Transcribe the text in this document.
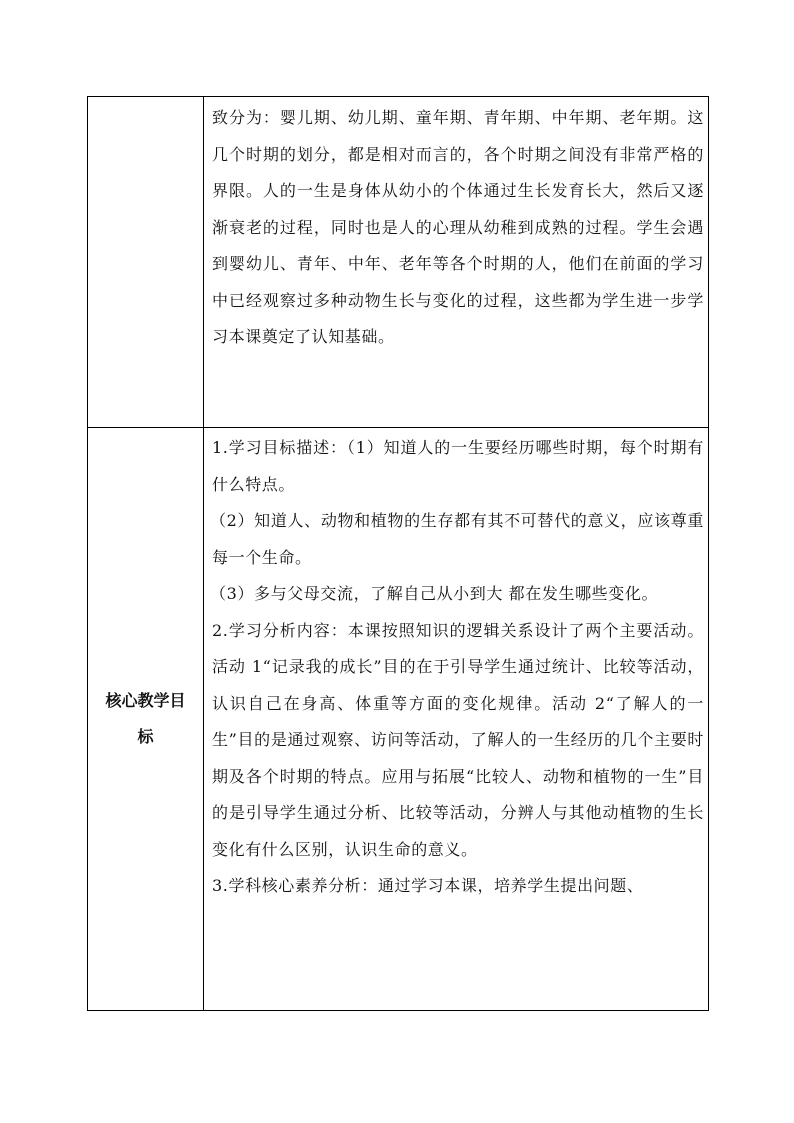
	致分为：婴儿期、幼儿期、童年期、青年期、中年期、老年期。这几个时期的划分，都是相对而言的，各个时期之间没有非常严格的界限。人的一生是身体从幼小的个体通过生长发育长大，然后又逐渐衰老的过程，同时也是人的心理从幼稚到成熟的过程。学生会遇到婴幼儿、青年、中年、老年等各个时期的人，他们在前面的学习中已经观察过多种动物生长与变化的过程，这些都为学生进一步学习本课奠定了认知基础。

核心教学目标	1.学习目标描述：（1）知道人的一生要经历哪些时期，每个时期有什么特点。

（2）知道人、动物和植物的生存都有其不可替代的意义，应该尊重每一个生命。

（3）多与父母交流，了解自己从小到大 都在发生哪些变化。

2.学习分析内容：本课按照知识的逻辑关系设计了两个主要活动。活动 1“记录我的成长”目的在于引导学生通过统计、比较等活动，认识自己在身高、体重等方面的变化规律。活动 2“了解人的一生”目的是通过观察、访问等活动，了解人的一生经历的几个主要时期及各个时期的特点。应用与拓展“比较人、动物和植物的一生”目的是引导学生通过分析、比较等活动，分辨人与其他动植物的生长变化有什么区别，认识生命的意义。

3.学科核心素养分析：通过学习本课，培养学生提出问题、
